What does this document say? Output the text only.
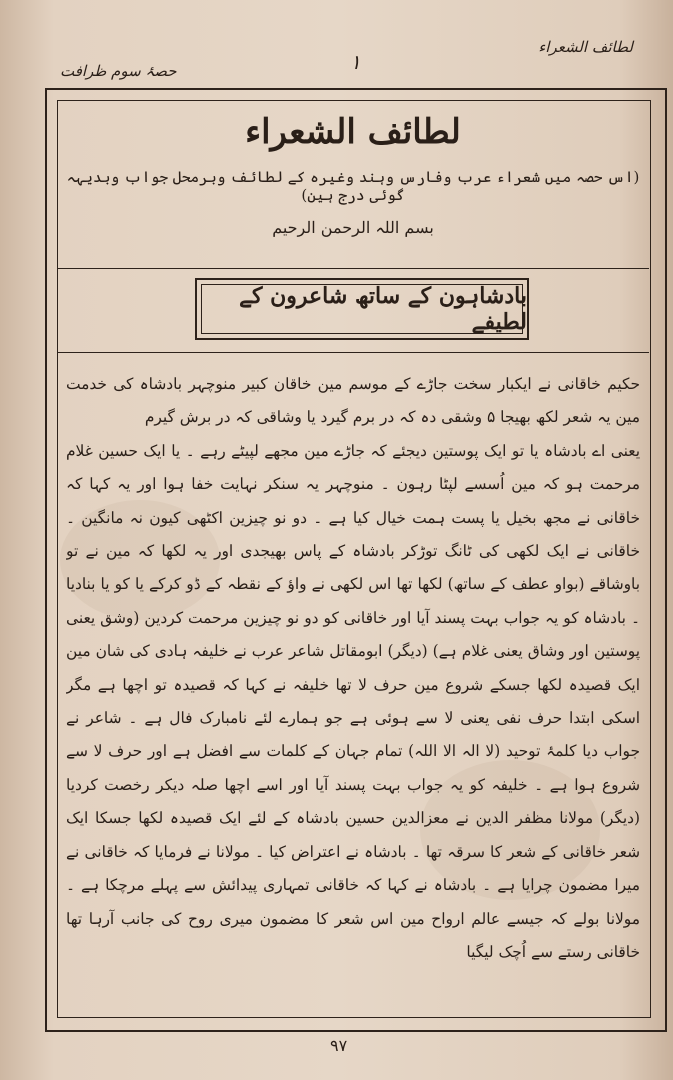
لطائف الشعراء
۱
حصۂ سوم ظرافت
لطائف الشعراء
(اس حصہ میں شعراء عرب وفارس وہند وغیرہ کے لطائف وبرمحل جواب وبدیہہ گوئی درج ہین)
بسم اللہ الرحمن الرحیم
بادشاہون کے ساتھ شاعرون کے لطیفے

حکیم خاقانی نے ایکبار سخت جاڑے کے موسم مین خاقان کبیر منوچہر بادشاہ کی خدمت مین یہ شعر لکھ بھیجا ۵ وشقی دہ کہ در برم گیرد یا وشاقی کہ در برش گیرم

یعنی اے بادشاہ یا تو ایک پوستین دیجئے کہ جاڑے مین مجھے لپیٹے رہے ۔ یا ایک حسین غلام مرحمت ہو کہ مین اُسسے لپٹا رہون ۔ منوچہر یہ سنکر نہایت خفا ہوا اور یہ کہا کہ خاقانی نے مجھ بخیل یا پست ہمت خیال کیا ہے ۔ دو نو چیزین اکٹھی کیون نہ مانگین ۔ خاقانی نے ایک لکھی کی ٹانگ توڑکر بادشاہ کے پاس بھیجدی اور یہ لکھا کہ مین نے تو باوشاقے (بواو عطف کے ساتھ) لکھا تھا اس لکھی نے واؤ کے نقطہ کے ڈو کرکے یا کو یا بنادیا ۔ بادشاہ کو یہ جواب بہت پسند آیا اور خاقانی کو دو نو چیزین مرحمت کردین (وشق یعنی پوستین اور وشاق یعنی غلام ہے) (دیگر) ابومقاتل شاعر عرب نے خلیفہ ہادی کی شان مین ایک قصیدہ لکھا جسکے شروع مین حرف لا تھا خلیفہ نے کہا کہ قصیدہ تو اچھا ہے مگر اسکی ابتدا حرف نفی یعنی لا سے ہوئی ہے جو ہمارے لئے نامبارک فال ہے ۔ شاعر نے جواب دیا کلمۂ توحید (لا الہ الا اللہ) تمام جہان کے کلمات سے افضل ہے اور حرف لا سے شروع ہوا ہے ۔ خلیفہ کو یہ جواب بہت پسند آیا اور اسے اچھا صلہ دیکر رخصت کردیا (دیگر) مولانا مظفر الدین نے معزالدین حسین بادشاہ کے لئے ایک قصیدہ لکھا جسکا ایک شعر خاقانی کے شعر کا سرقہ تھا ۔ بادشاہ نے اعتراض کیا ۔ مولانا نے فرمایا کہ خاقانی نے میرا مضمون چرایا ہے ۔ بادشاہ نے کہا کہ خاقانی تمہاری پیدائش سے پہلے مرچکا ہے ۔ مولانا بولے کہ جیسے عالم ارواح مین اس شعر کا مضمون میری روح کی جانب آرہا تھا خاقانی رستے سے اُچک لیگیا

۹۷
